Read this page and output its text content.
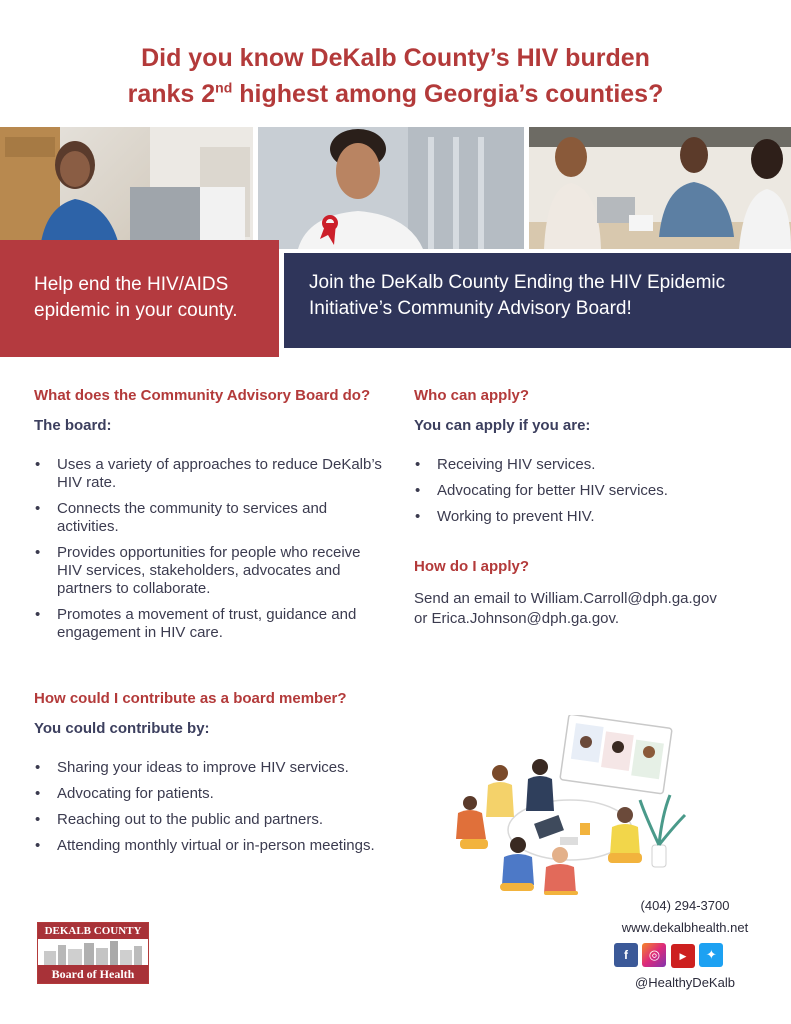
Did you know DeKalb County’s HIV burden
ranks 2nd highest among Georgia’s counties?
Help end the HIV/AIDS
epidemic in your county.
Join the DeKalb County Ending the HIV Epidemic
Initiative’s Community Advisory Board!
What does the Community Advisory Board do?
The board:
• Uses a variety of approaches to reduce DeKalb’s HIV rate.
• Connects the community to services and activities.
• Provides opportunities for people who receive HIV services, stakeholders, advocates and partners to collaborate.
• Promotes a movement of trust, guidance and engagement in HIV care.
Who can apply?
You can apply if you are:
• Receiving HIV services.
• Advocating for better HIV services.
• Working to prevent HIV.
How do I apply?
Send an email to William.Carroll@dph.ga.gov
or Erica.Johnson@dph.ga.gov.
How could I contribute as a board member?
You could contribute by:
• Sharing your ideas to improve HIV services.
• Advocating for patients.
• Reaching out to the public and partners.
• Attending monthly virtual or in-person meetings.
(404) 294-3700
www.dekalbhealth.net
f ◎ ▶ ✦
@HealthyDeKalb
DEKALB COUNTY
Board of Health
